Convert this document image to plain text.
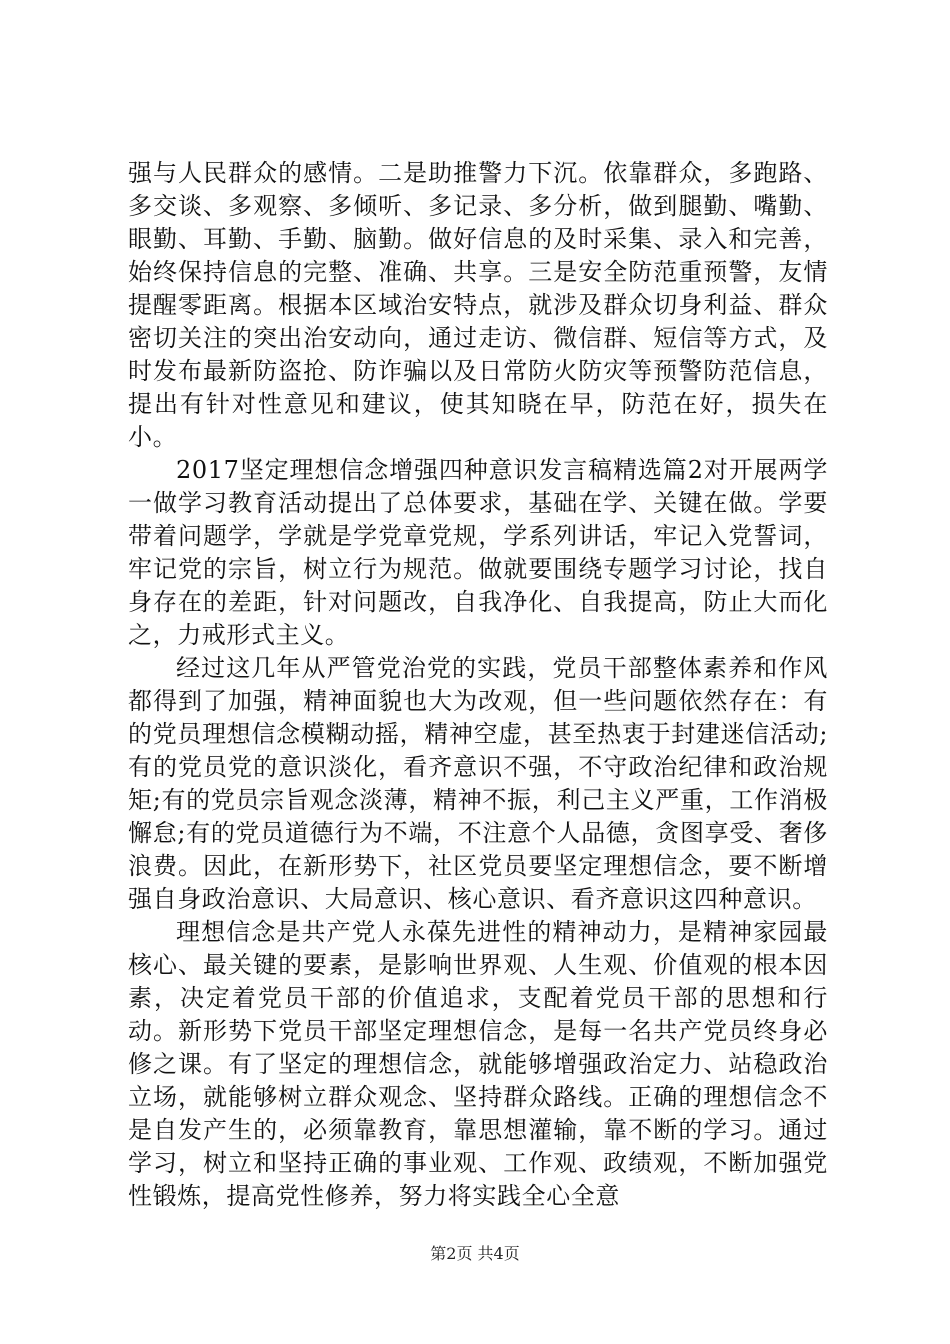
强与人民群众的感情。二是助推警力下沉。依靠群众，多跑路、多交谈、多观察、多倾听、多记录、多分析，做到腿勤、嘴勤、眼勤、耳勤、手勤、脑勤。做好信息的及时采集、录入和完善，始终保持信息的完整、准确、共享。三是安全防范重预警，友情提醒零距离。根据本区域治安特点，就涉及群众切身利益、群众密切关注的突出治安动向，通过走访、微信群、短信等方式，及时发布最新防盗抢、防诈骗以及日常防火防灾等预警防范信息，提出有针对性意见和建议，使其知晓在早，防范在好，损失在小。

2017坚定理想信念增强四种意识发言稿精选篇2对开展两学一做学习教育活动提出了总体要求，基础在学、关键在做。学要带着问题学，学就是学党章党规，学系列讲话，牢记入党誓词，牢记党的宗旨，树立行为规范。做就要围绕专题学习讨论，找自身存在的差距，针对问题改，自我净化、自我提高，防止大而化之，力戒形式主义。

经过这几年从严管党治党的实践，党员干部整体素养和作风都得到了加强，精神面貌也大为改观，但一些问题依然存在：有的党员理想信念模糊动摇，精神空虚，甚至热衷于封建迷信活动;有的党员党的意识淡化，看齐意识不强，不守政治纪律和政治规矩;有的党员宗旨观念淡薄，精神不振，利己主义严重，工作消极懈怠;有的党员道德行为不端，不注意个人品德，贪图享受、奢侈浪费。因此，在新形势下，社区党员要坚定理想信念，要不断增强自身政治意识、大局意识、核心意识、看齐意识这四种意识。

理想信念是共产党人永葆先进性的精神动力，是精神家园最核心、最关键的要素，是影响世界观、人生观、价值观的根本因素，决定着党员干部的价值追求，支配着党员干部的思想和行动。新形势下党员干部坚定理想信念，是每一名共产党员终身必修之课。有了坚定的理想信念，就能够增强政治定力、站稳政治立场，就能够树立群众观念、坚持群众路线。正确的理想信念不是自发产生的，必须靠教育，靠思想灌输，靠不断的学习。通过学习，树立和坚持正确的事业观、工作观、政绩观，不断加强党性锻炼，提高党性修养，努力将实践全心全意

第2页 共4页
